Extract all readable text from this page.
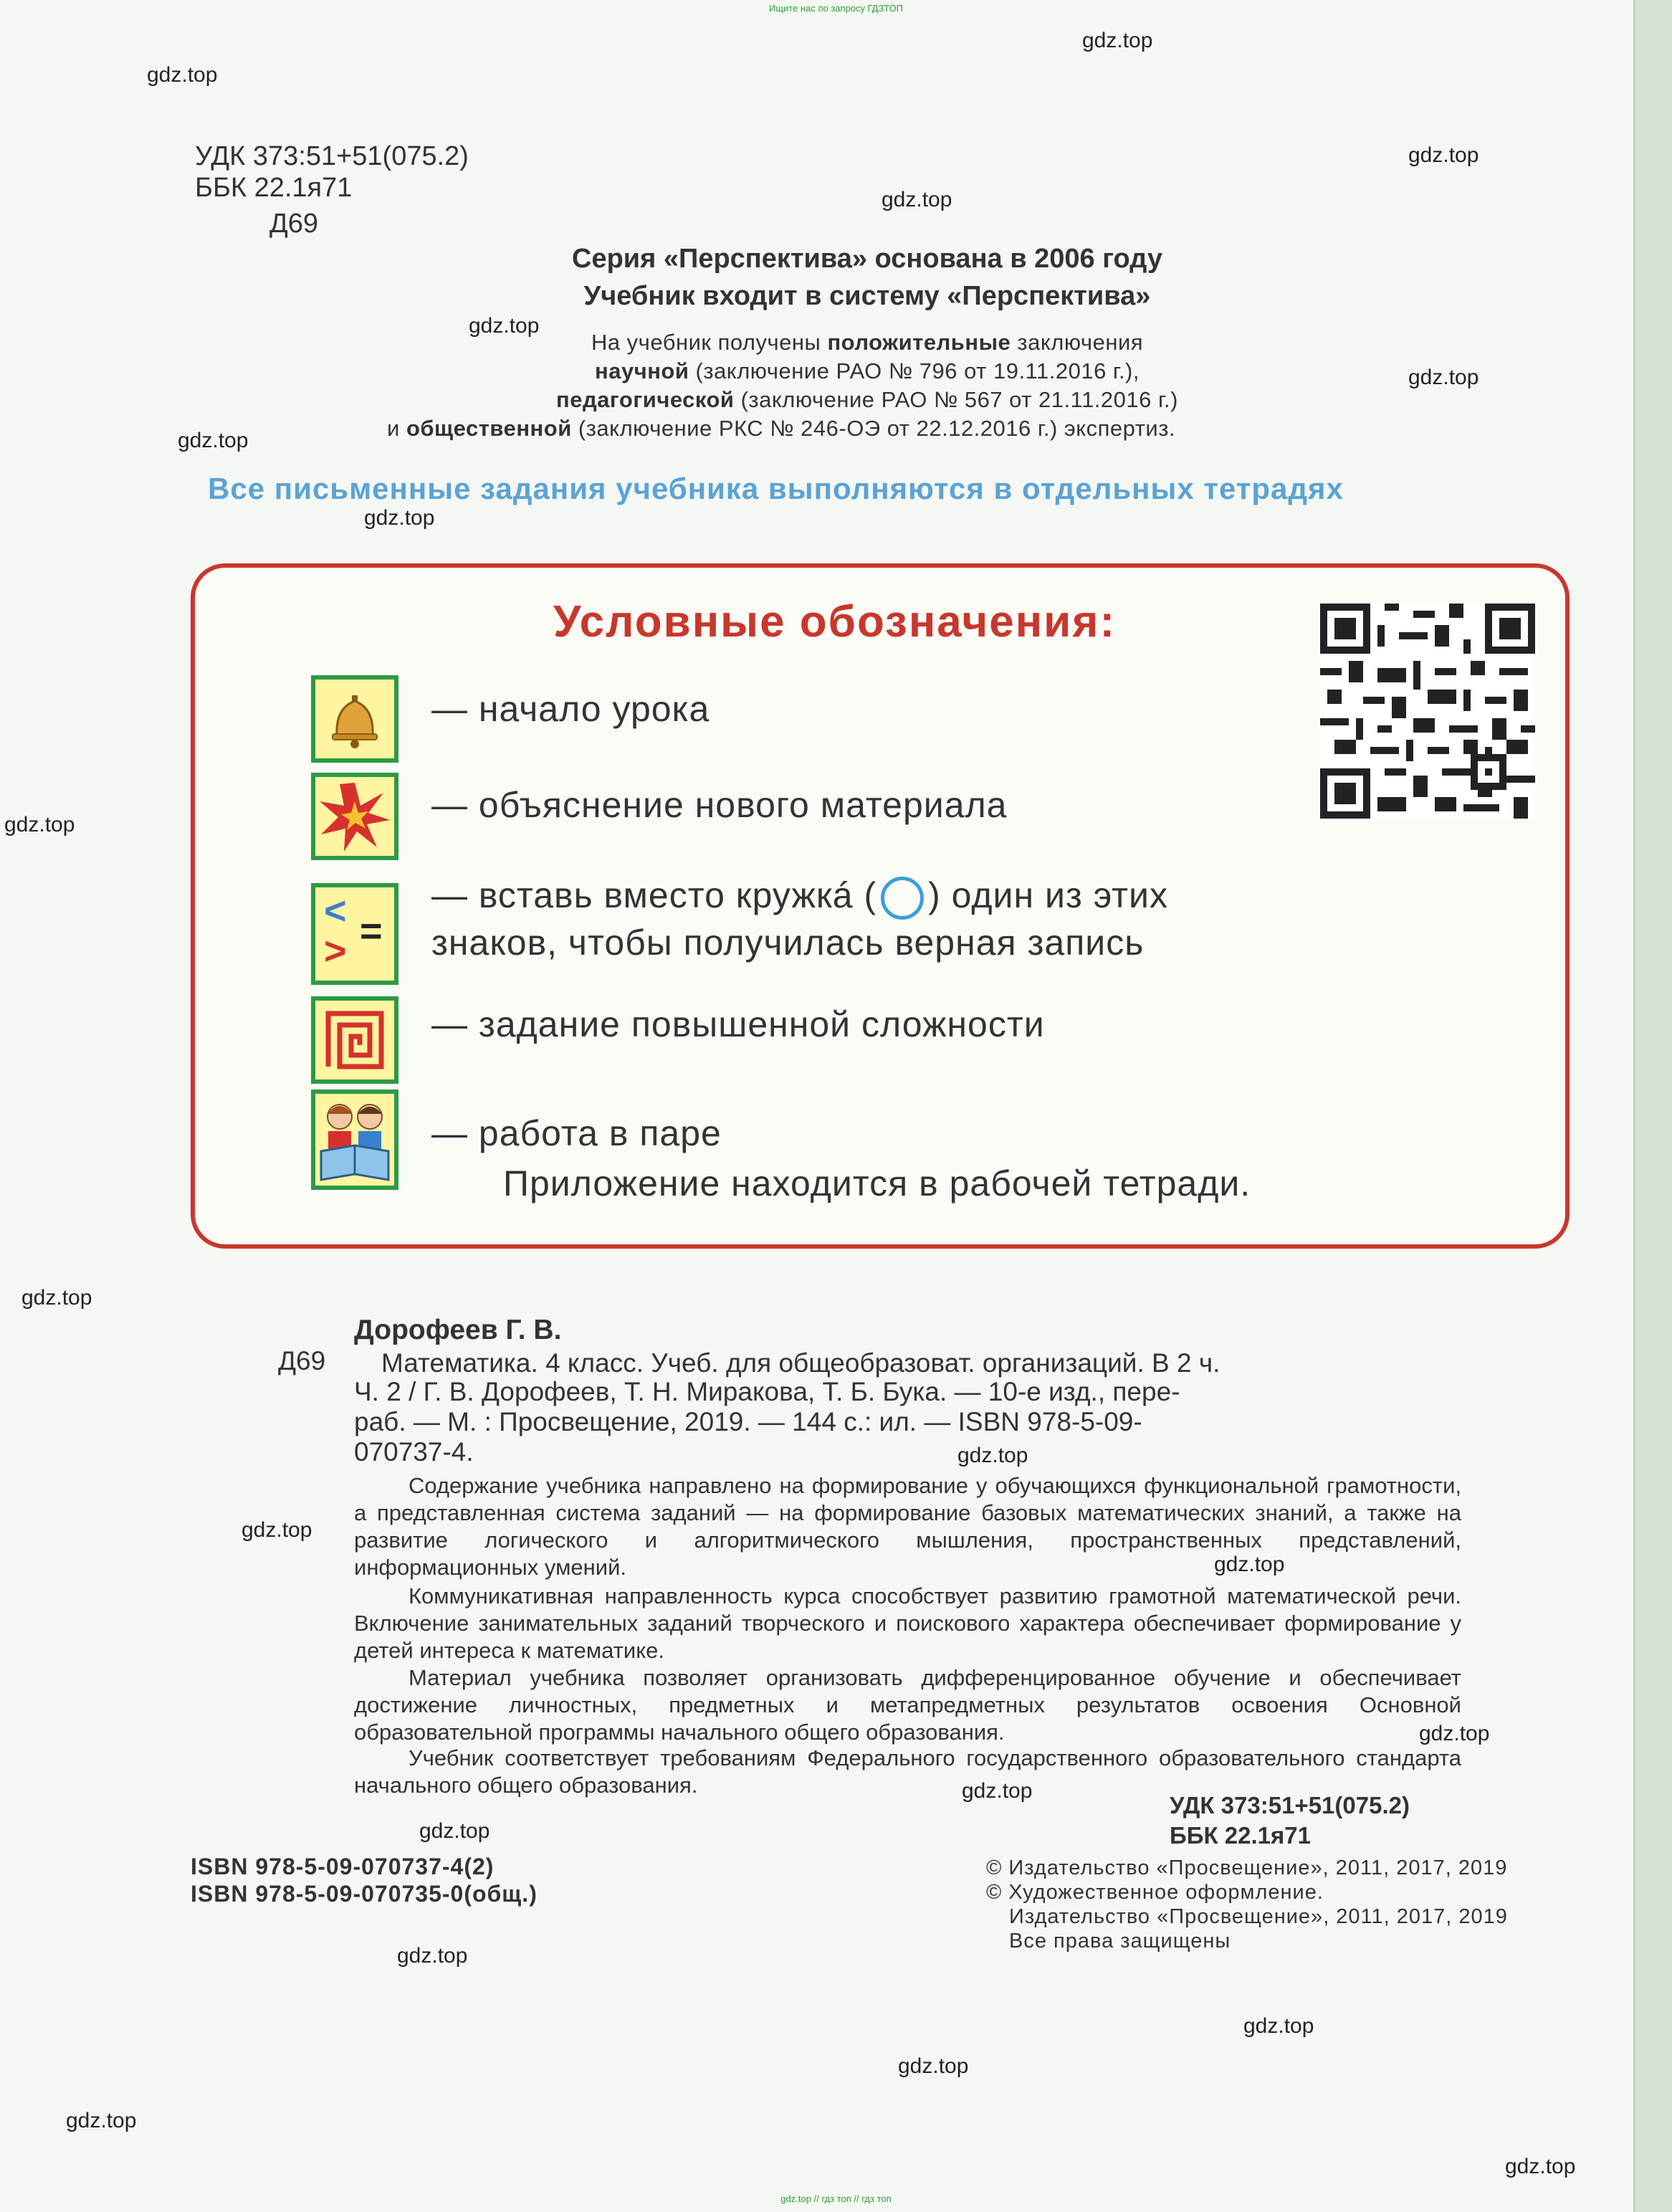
Ищите нас по запросу ГДЗТОП
gdz.top
gdz.top
gdz.top
gdz.top
gdz.top
gdz.top
gdz.top
gdz.top
gdz.top
gdz.top
gdz.top
gdz.top
gdz.top
gdz.top
gdz.top
gdz.top
gdz.top
gdz.top
gdz.top
gdz.top
gdz.top
УДК 373:51+51(075.2)
ББК 22.1я71
Д69
Серия «Перспектива» основана в 2006 году
Учебник входит в систему «Перспектива»
На учебник получены положительные заключения
научной (заключение РАО № 796 от 19.11.2016 г.),
педагогической (заключение РАО № 567 от 21.11.2016 г.)
и общественной (заключение РКС № 246-ОЭ от 22.12.2016 г.) экспертиз.
Все письменные задания учебника выполняются в отдельных тетрадях
Условные обозначения:
— начало урока
— объяснение нового материала
<
> =
— вставь вместо кружкá ( ) один из этих
знаков, чтобы получилась верная запись
— задание повышенной сложности
— работа в паре
Приложение находится в рабочей тетради.
Дорофеев Г. В.
Д69 Математика. 4 класс. Учеб. для общеобразоват. организаций. В 2 ч.
Ч. 2 / Г. В. Дорофеев, Т. Н. Миракова, Т. Б. Бука. — 10-е изд., пере-
раб. — М. : Просвещение, 2019. — 144 с.: ил. — ISBN 978-5-09-
070737-4.
Содержание учебника направлено на формирование у обучающихся функциональной грамотности, а представленная система заданий — на формирование базовых математических знаний, а также на развитие логического и алгоритмического мышления, пространственных представлений, информационных умений.
Коммуникативная направленность курса способствует развитию грамотной математической речи. Включение занимательных заданий творческого и поискового характера обеспечивает формирование у детей интереса к математике.
Материал учебника позволяет организовать дифференцированное обучение и обеспечивает достижение личностных, предметных и метапредметных результатов освоения Основной образовательной программы начального общего образования.
Учебник соответствует требованиям Федерального государственного образовательного стандарта начального общего образования.
УДК 373:51+51(075.2)
ББК 22.1я71
ISBN 978-5-09-070737-4(2)
ISBN 978-5-09-070735-0(общ.)
© Издательство «Просвещение», 2011, 2017, 2019
© Художественное оформление.
Издательство «Просвещение», 2011, 2017, 2019
Все права защищены
gdz.top // гдз топ // гдз топ
